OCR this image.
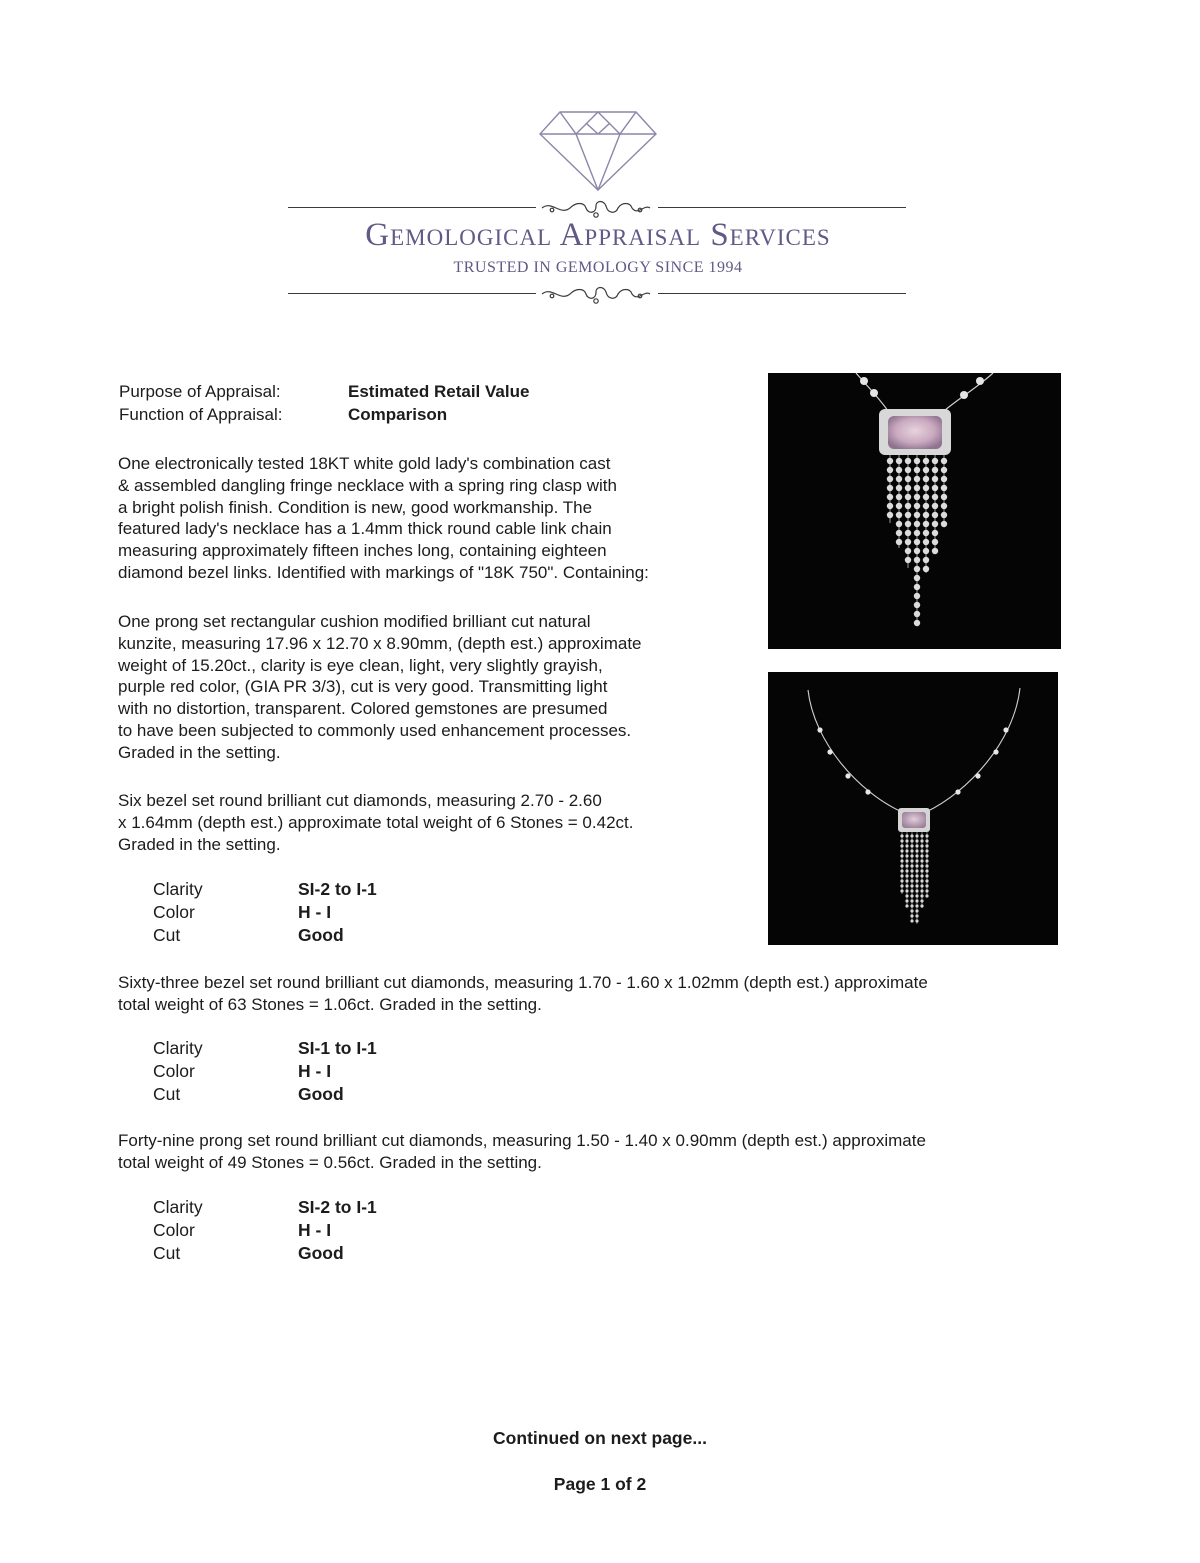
Gemological Appraisal Services
TRUSTED IN GEMOLOGY SINCE 1994
Purpose of Appraisal:	Estimated Retail Value
Function of Appraisal:	Comparison
One electronically tested 18KT white gold lady's combination cast
& assembled dangling fringe necklace with a spring ring clasp with
a bright polish finish. Condition is new, good workmanship. The
featured lady's necklace has a 1.4mm thick round cable link chain
measuring approximately fifteen inches long, containing eighteen
diamond bezel links. Identified with markings of "18K 750". Containing:
One prong set rectangular cushion modified brilliant cut natural
kunzite, measuring 17.96 x 12.70 x 8.90mm, (depth est.) approximate
weight of 15.20ct., clarity is eye clean, light, very slightly grayish,
purple red color, (GIA PR 3/3), cut is very good. Transmitting light
with no distortion, transparent. Colored gemstones are presumed
to have been subjected to commonly used enhancement processes.
Graded in the setting.
Six bezel set round brilliant cut diamonds, measuring 2.70 - 2.60
x 1.64mm (depth est.) approximate total weight of 6 Stones = 0.42ct.
Graded in the setting.
Clarity	SI-2 to I-1
Color	H - I
Cut	Good
Sixty-three bezel set round brilliant cut diamonds, measuring 1.70 - 1.60 x 1.02mm (depth est.) approximate
total weight of 63 Stones = 1.06ct. Graded in the setting.
Clarity	SI-1 to I-1
Color	H - I
Cut	Good
Forty-nine prong set round brilliant cut diamonds, measuring 1.50 - 1.40 x 0.90mm (depth est.) approximate
total weight of 49 Stones = 0.56ct. Graded in the setting.
Clarity	SI-2 to I-1
Color	H - I
Cut	Good
Continued on next page...
Page 1 of 2
